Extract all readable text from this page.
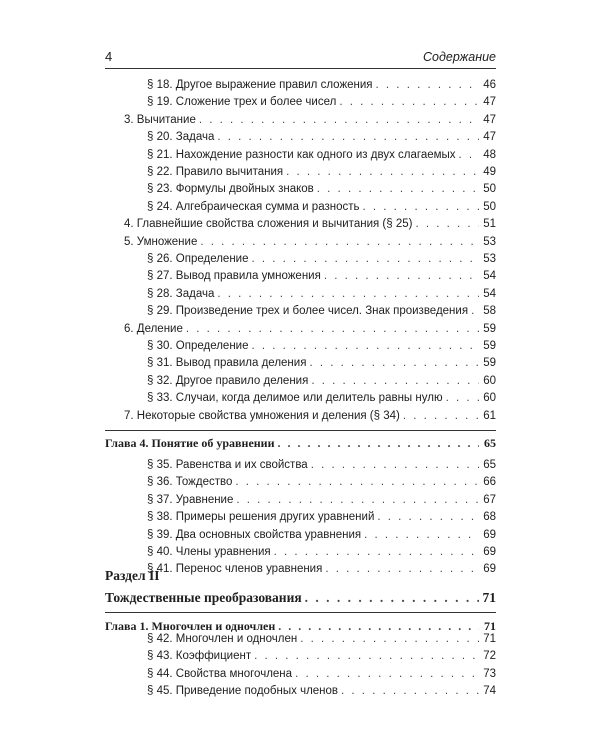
4	Содержание
§ 18. Другое выражение правил сложения . . .	46
§ 19. Сложение трех и более чисел . . .	47
3. Вычитание . . .	47
§ 20. Задача . . .	47
§ 21. Нахождение разности как одного из двух слагаемых . . . 48
§ 22. Правило вычитания . . .	49
§ 23. Формулы двойных знаков . . .	50
§ 24. Алгебраическая сумма и разность . . .	50
4. Главнейшие свойства сложения и вычитания (§ 25) . . .	51
5. Умножение . . .	53
§ 26. Определение . . .	53
§ 27. Вывод правила умножения . . .	54
§ 28. Задача . . .	54
§ 29. Произведение трех и более чисел. Знак произведения . . . 58
6. Деление . . .	59
§ 30. Определение . . .	59
§ 31. Вывод правила деления . . .	59
§ 32. Другое правило деления . . .	60
§ 33. Случаи, когда делимое или делитель равны нулю . . .	60
7. Некоторые свойства умножения и деления (§ 34) . . .	61
Глава 4. Понятие об уравнении . . .	65
§ 35. Равенства и их свойства . . .	65
§ 36. Тождество . . .	66
§ 37. Уравнение . . .	67
§ 38. Примеры решения других уравнений . . .	68
§ 39. Два основных свойства уравнения . . .	69
§ 40. Члены уравнения . . .	69
§ 41. Перенос членов уравнения . . .	69
Раздел II
Тождественные преобразования . . .	71
Глава 1. Многочлен и одночлен . . .	71
§ 42. Многочлен и одночлен . . .	71
§ 43. Коэффициент . . .	72
§ 44. Свойства многочлена . . .	73
§ 45. Приведение подобных членов . . .	74
